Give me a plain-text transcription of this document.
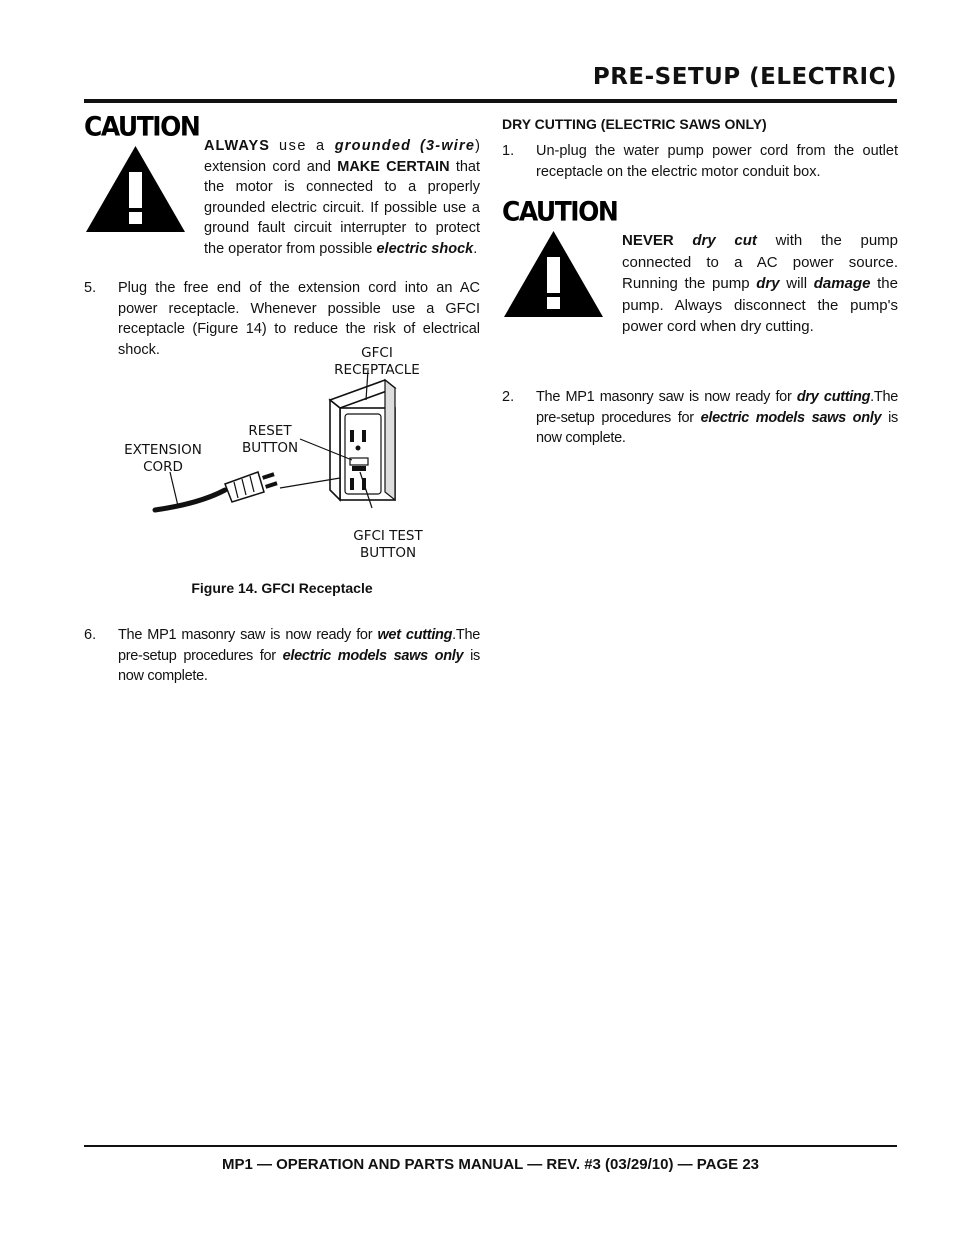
PRE-SETUP (ELECTRIC)
CAUTION
ALWAYS use a grounded (3-wire) extension cord and MAKE CERTAIN that the motor is connected to a properly grounded electric circuit. If possible use a ground fault circuit interrupter to protect the operator from possible electric shock.
5. Plug the free end of the extension cord into an AC power receptacle. Whenever possible use a GFCI receptacle (Figure 14) to reduce the risk of electrical shock.	GFCI
RECEPTACLE
RESET
BUTTON
EXTENSION
CORD
GFCI TEST
BUTTON
Figure 14. GFCI Receptacle
6. The MP1 masonry saw is now ready for wet cutting.The pre-setup procedures for electric models saws only is now complete.
DRY CUTTING (ELECTRIC SAWS ONLY)
1. Un-plug the water pump power cord from the outlet receptacle on the electric motor conduit box.
CAUTION
NEVER dry cut with the pump connected to a AC power source. Running the pump dry will damage the pump. Always disconnect the pump's power cord when dry cutting.
2. The MP1 masonry saw is now ready for dry cutting.The pre-setup procedures for electric models saws only is now complete.
MP1 — OPERATION AND PARTS MANUAL — REV. #3 (03/29/10) — PAGE 23
